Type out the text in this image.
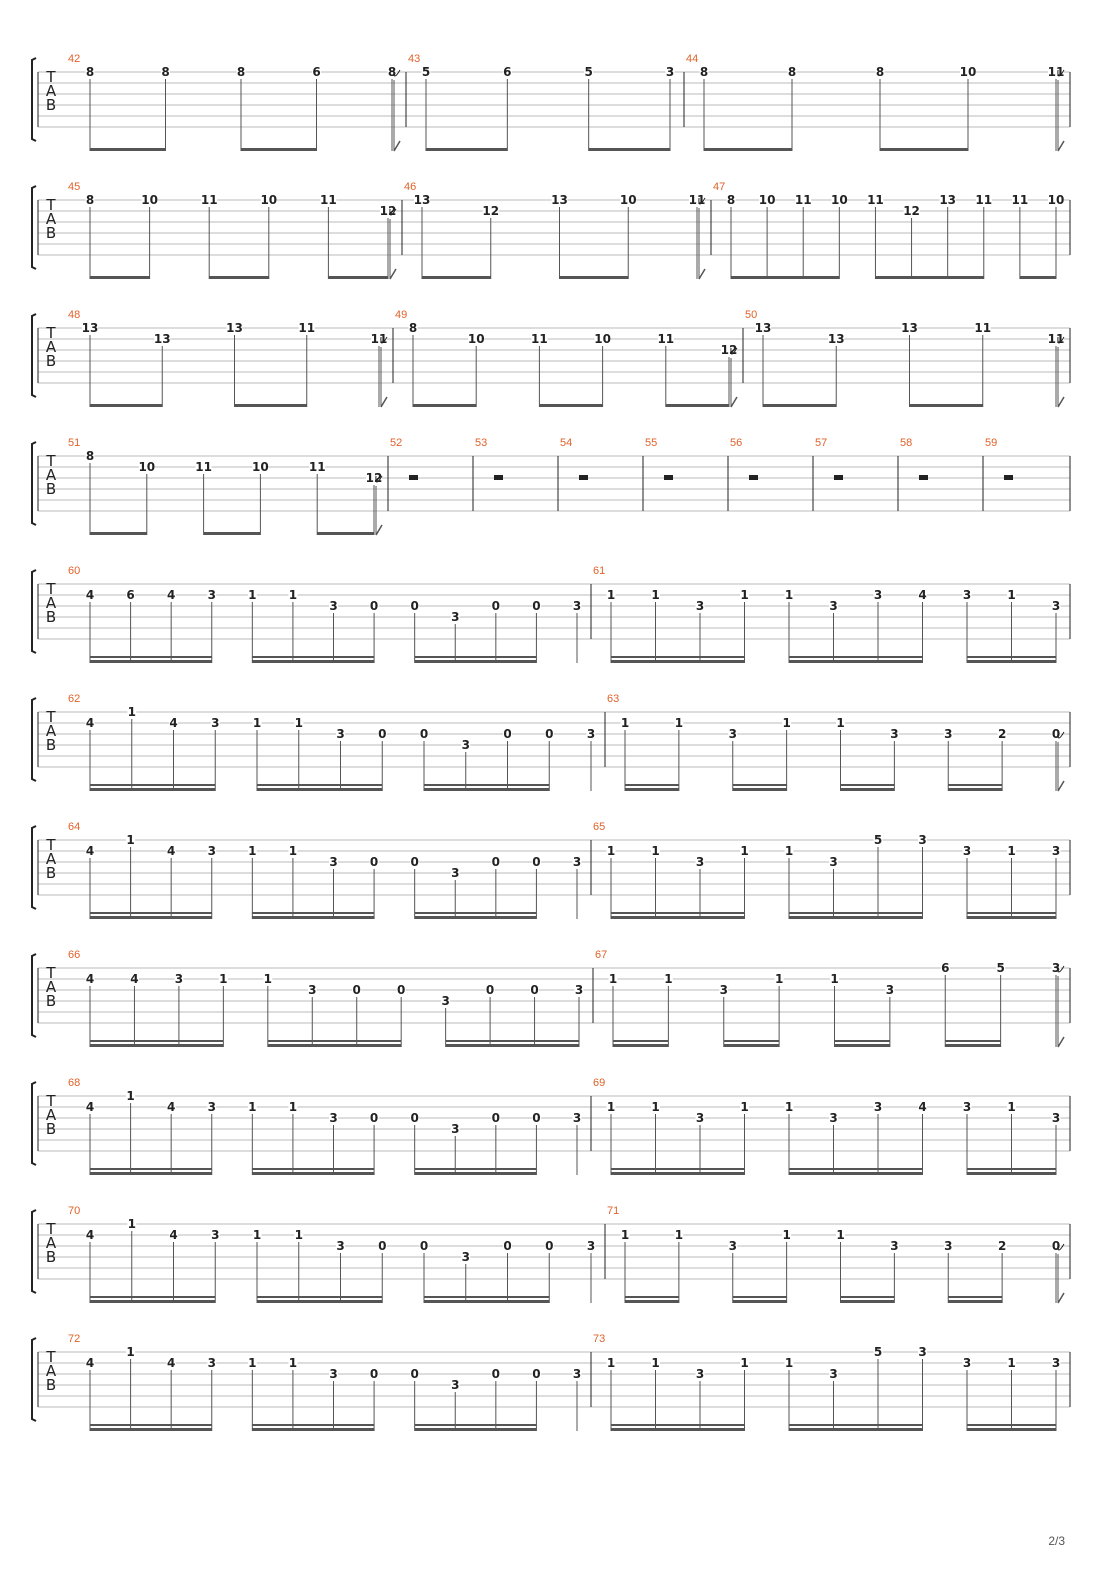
T
A
B
42
8	8	8	6	8
43
5	6	5	3
44
8	8	8	10	11
T
A
B
45
8	10	11	10	11
12
46
13
12
13	10	11
47
8 10 11 10 11
12
13 11 11 10
T
A
B
48
13
13
13	11
11
49
8
10	11	10	11
12
50
13
13
13	11
11
T
A
B
51
8
10	11	10	11
12
52	53	54	55	56	57	58	59
T
A
B
60
4	6	4	3	1	1
3	0	0
3
0	0	3
61
1	1
3
1	1
3
3	4	3	1
3
T
A
B
62
4
1
4	3	1	1
3	0	0
3
0	0	3
63
1	1
3
1	1
3	3	2	0
T
A
B
64
4
1
4	3	1	1
3	0	0
3
0	0	3
65
1	1
3
1	1
3
5	3
3	1	3
T
A
B
66
4	4	3	1	1
3	0	0
3
0	0	3
67
1	1
3
1	1
3
6	5	3
T
A
B
68
4
1
4	3	1	1
3	0	0
3
0	0	3
69
1	1
3
1	1
3
3	4	3	1
3
T
A
B
70
4
1
4	3	1	1
3	0	0
3
0	0	3
71
1	1
3
1	1
3	3	2	0
T
A
B
72
4
1
4	3	1	1
3	0	0
3
0	0	3
73
1	1
3
1	1
3
5	3
3	1	3
2/3
